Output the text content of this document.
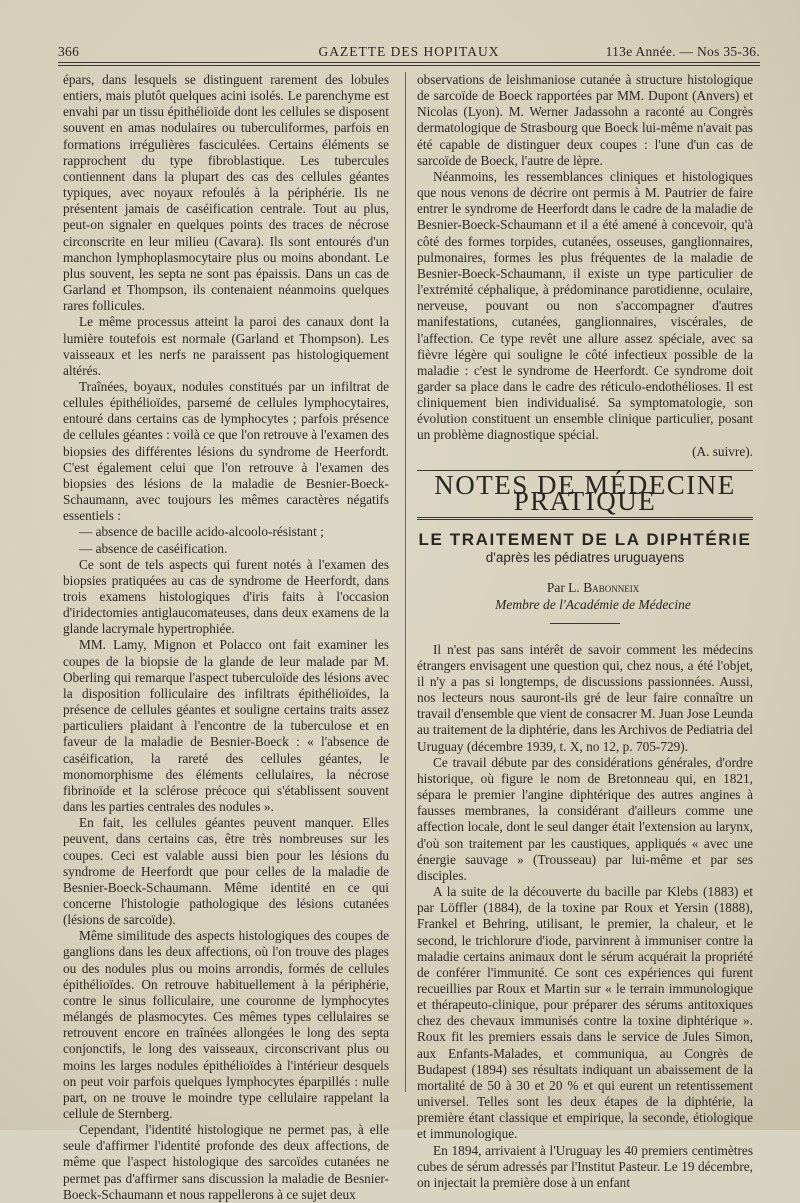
366	GAZETTE DES HOPITAUX	113e Année. — Nos 35-36.

épars, dans lesquels se distinguent rarement des lobules entiers, mais plutôt quelques acini isolés. Le parenchyme est envahi par un tissu épithélioïde dont les cellules se disposent souvent en amas nodulaires ou tuberculiformes, parfois en formations irrégulières fasciculées. Certains éléments se rapprochent du type fibroblastique. Les tubercules contiennent dans la plupart des cas des cellules géantes typiques, avec noyaux refoulés à la périphérie. Ils ne présentent jamais de caséification centrale. Tout au plus, peut-on signaler en quelques points des traces de nécrose circonscrite en leur milieu (Cavara). Ils sont entourés d'un manchon lymphoplasmocytaire plus ou moins abondant. Le plus souvent, les septa ne sont pas épaissis. Dans un cas de Garland et Thompson, ils contenaient néanmoins quelques rares follicules.

Le même processus atteint la paroi des canaux dont la lumière toutefois est normale (Garland et Thompson). Les vaisseaux et les nerfs ne paraissent pas histologiquement altérés.

Traînées, boyaux, nodules constitués par un infiltrat de cellules épithélioïdes, parsemé de cellules lymphocytaires, entouré dans certains cas de lymphocytes ; parfois présence de cellules géantes : voilà ce que l'on retrouve à l'examen des biopsies des différentes lésions du syndrome de Heerfordt. C'est également celui que l'on retrouve à l'examen des biopsies des lésions de la maladie de Besnier-Boeck-Schaumann, avec toujours les mêmes caractères négatifs essentiels :

— absence de bacille acido-alcoolo-résistant ;

— absence de caséification.

Ce sont de tels aspects qui furent notés à l'examen des biopsies pratiquées au cas de syndrome de Heerfordt, dans trois examens histologiques d'iris faits à l'occasion d'iridectomies antiglaucomateuses, dans deux examens de la glande lacrymale hypertrophiée.

MM. Lamy, Mignon et Polacco ont fait examiner les coupes de la biopsie de la glande de leur malade par M. Oberling qui remarque l'aspect tuberculoïde des lésions avec la disposition folliculaire des infiltrats épithélioïdes, la présence de cellules géantes et souligne certains traits assez particuliers plaidant à l'encontre de la tuberculose et en faveur de la maladie de Besnier-Boeck : « l'absence de caséification, la rareté des cellules géantes, le monomorphisme des éléments cellulaires, la nécrose fibrinoïde et la sclérose précoce qui s'établissent souvent dans les parties centrales des nodules ».

En fait, les cellules géantes peuvent manquer. Elles peuvent, dans certains cas, être très nombreuses sur les coupes. Ceci est valable aussi bien pour les lésions du syndrome de Heerfordt que pour celles de la maladie de Besnier-Boeck-Schaumann. Même identité en ce qui concerne l'histologie pathologique des lésions cutanées (lésions de sarcoïde).

Même similitude des aspects histologiques des coupes de ganglions dans les deux affections, où l'on trouve des plages ou des nodules plus ou moins arrondis, formés de cellules épithélioïdes. On retrouve habituellement à la périphérie, contre le sinus folliculaire, une couronne de lymphocytes mélangés de plasmocytes. Ces mêmes types cellulaires se retrouvent encore en traînées allongées le long des septa conjonctifs, le long des vaisseaux, circonscrivant plus ou moins les larges nodules épithélioïdes à l'intérieur desquels on peut voir parfois quelques lymphocytes éparpillés : nulle part, on ne trouve le moindre type cellulaire rappelant la cellule de Sternberg.

Cependant, l'identité histologique ne permet pas, à elle seule d'affirmer l'identité profonde des deux affections, de même que l'aspect histologique des sarcoïdes cutanées ne permet pas d'affirmer sans discussion la maladie de Besnier-Boeck-Schaumann et nous rappellerons à ce sujet deux

observations de leishmaniose cutanée à structure histologique de sarcoïde de Boeck rapportées par MM. Dupont (Anvers) et Nicolas (Lyon). M. Werner Jadassohn a raconté au Congrès dermatologique de Strasbourg que Boeck lui-même n'avait pas été capable de distinguer deux coupes : l'une d'un cas de sarcoïde de Boeck, l'autre de lèpre.

Néanmoins, les ressemblances cliniques et histologiques que nous venons de décrire ont permis à M. Pautrier de faire entrer le syndrome de Heerfordt dans le cadre de la maladie de Besnier-Boeck-Schaumann et il a été amené à concevoir, qu'à côté des formes torpides, cutanées, osseuses, ganglionnaires, pulmonaires, formes les plus fréquentes de la maladie de Besnier-Boeck-Schaumann, il existe un type particulier de l'extrémité céphalique, à prédominance parotidienne, oculaire, nerveuse, pouvant ou non s'accompagner d'autres manifestations, cutanées, ganglionnaires, viscérales, de l'affection. Ce type revêt une allure assez spéciale, avec sa fièvre légère qui souligne le côté infectieux possible de la maladie : c'est le syndrome de Heerfordt. Ce syndrome doit garder sa place dans le cadre des réticulo-endothélioses. Il est cliniquement bien individualisé. Sa symptomatologie, son évolution constituent un ensemble clinique particulier, posant un problème diagnostique spécial.

(A. suivre).

NOTES DE MÉDECINE PRATIQUE
LE TRAITEMENT DE LA DIPHTÉRIE
d'après les pédiatres uruguayens

Par L. Babonneix

Membre de l'Académie de Médecine

Il n'est pas sans intérêt de savoir comment les médecins étrangers envisagent une question qui, chez nous, a été l'objet, il n'y a pas si longtemps, de discussions passionnées. Aussi, nos lecteurs nous sauront-ils gré de leur faire connaître un travail d'ensemble que vient de consacrer M. Juan Jose Leunda au traitement de la diphtérie, dans les Archivos de Pediatria del Uruguay (décembre 1939, t. X, no 12, p. 705-729).

Ce travail débute par des considérations générales, d'ordre historique, où figure le nom de Bretonneau qui, en 1821, sépara le premier l'angine diphtérique des autres angines à fausses membranes, la considérant d'ailleurs comme une affection locale, dont le seul danger était l'extension au larynx, d'où son traitement par les caustiques, appliqués « avec une énergie sauvage » (Trousseau) par lui-même et par ses disciples.

A la suite de la découverte du bacille par Klebs (1883) et par Löffler (1884), de la toxine par Roux et Yersin (1888), Frankel et Behring, utilisant, le premier, la chaleur, et le second, le trichlorure d'iode, parvinrent à immuniser contre la maladie certains animaux dont le sérum acquérait la propriété de conférer l'immunité. Ce sont ces expériences qui furent recueillies par Roux et Martin sur « le terrain immunologique et thérapeuto-clinique, pour préparer des sérums antitoxiques chez des chevaux immunisés contre la toxine diphtérique ». Roux fit les premiers essais dans le service de Jules Simon, aux Enfants-Malades, et communiqua, au Congrès de Budapest (1894) ses résultats indiquant un abaissement de la mortalité de 50 à 30 et 20 % et qui eurent un retentissement universel. Telles sont les deux étapes de la diphtérie, la première étant classique et empirique, la seconde, étiologique et immunologique.

En 1894, arrivaient à l'Uruguay les 40 premiers centimètres cubes de sérum adressés par l'Institut Pasteur. Le 19 décembre, on injectait la première dose à un enfant
